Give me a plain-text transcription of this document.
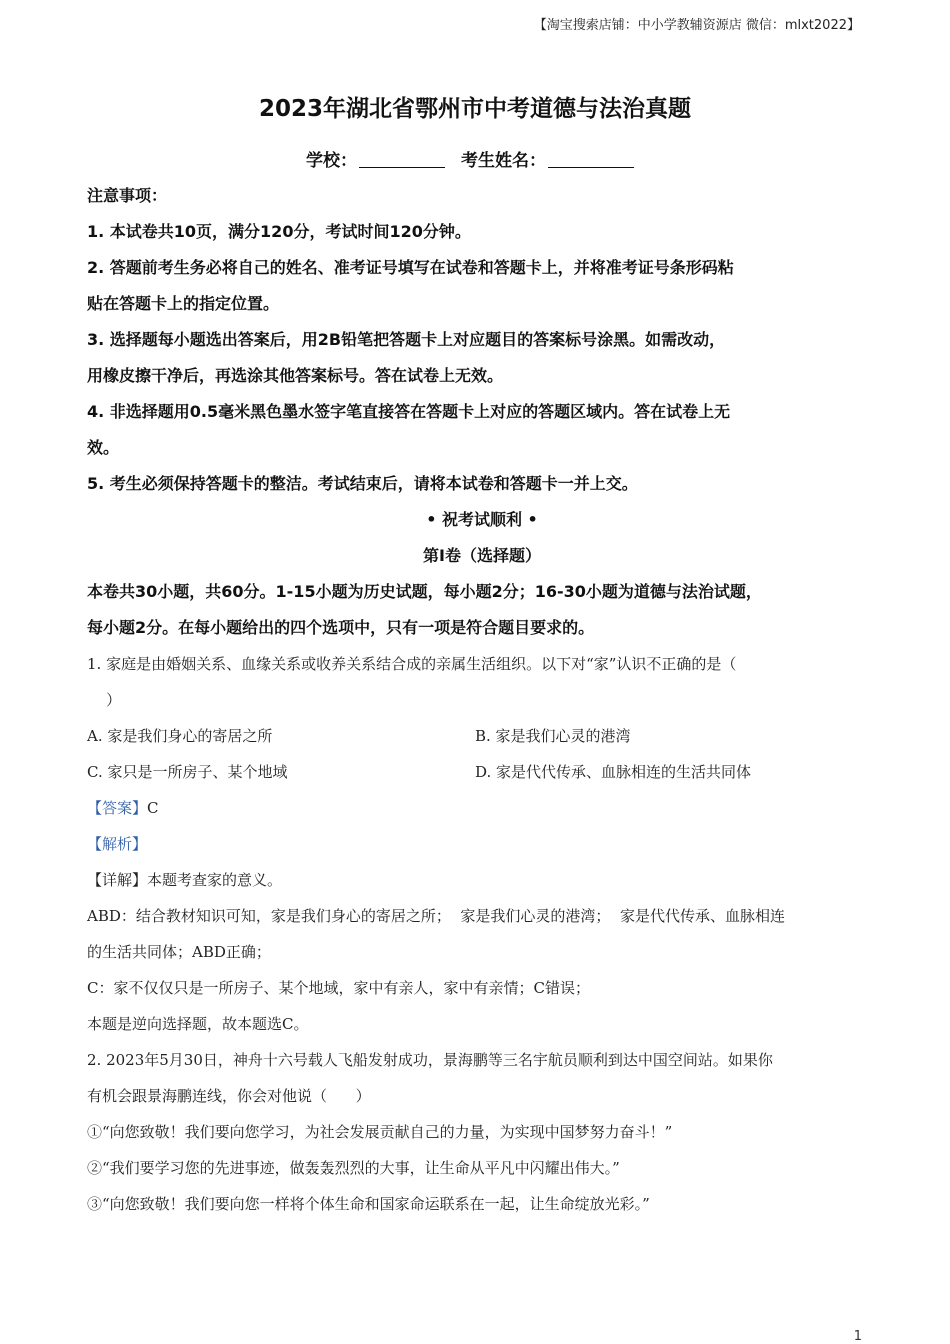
【淘宝搜索店铺：中小学教辅资源店 微信：mlxt2022】
2023年湖北省鄂州市中考道德与法治真题
学校：	考生姓名：
注意事项：
1. 本试卷共10页，满分120分，考试时间120分钟。
2. 答题前考生务必将自己的姓名、准考证号填写在试卷和答题卡上，并将准考证号条形码粘
贴在答题卡上的指定位置。
3. 选择题每小题选出答案后，用2B铅笔把答题卡上对应题目的答案标号涂黑。如需改动，
用橡皮擦干净后，再选涂其他答案标号。答在试卷上无效。
4. 非选择题用0.5毫米黑色墨水签字笔直接答在答题卡上对应的答题区域内。答在试卷上无
效。
5. 考生必须保持答题卡的整洁。考试结束后，请将本试卷和答题卡一并上交。
• 祝考试顺利 •
第Ⅰ卷（选择题）
本卷共30小题，共60分。1-15小题为历史试题，每小题2分；16-30小题为道德与法治试题，
每小题2分。在每小题给出的四个选项中，只有一项是符合题目要求的。
1. 家庭是由婚姻关系、血缘关系或收养关系结合成的亲属生活组织。以下对“家”认识不正确的是（
）
A. 家是我们身心的寄居之所	B. 家是我们心灵的港湾
C. 家只是一所房子、某个地域	D. 家是代代传承、血脉相连的生活共同体
【答案】C
【解析】
【详解】本题考查家的意义。
ABD：结合教材知识可知，家是我们身心的寄居之所；  家是我们心灵的港湾；  家是代代传承、血脉相连
的生活共同体；ABD正确；
C：家不仅仅只是一所房子、某个地域，家中有亲人，家中有亲情；C错误；
本题是逆向选择题，故本题选C。
2. 2023年5月30日，神舟十六号载人飞船发射成功，景海鹏等三名宇航员顺利到达中国空间站。如果你
有机会跟景海鹏连线，你会对他说（      ）
①“向您致敬！我们要向您学习，为社会发展贡献自己的力量，为实现中国梦努力奋斗！”
②“我们要学习您的先进事迹，做轰轰烈烈的大事，让生命从平凡中闪耀出伟大。”
③“向您致敬！我们要向您一样将个体生命和国家命运联系在一起，让生命绽放光彩。”
1
